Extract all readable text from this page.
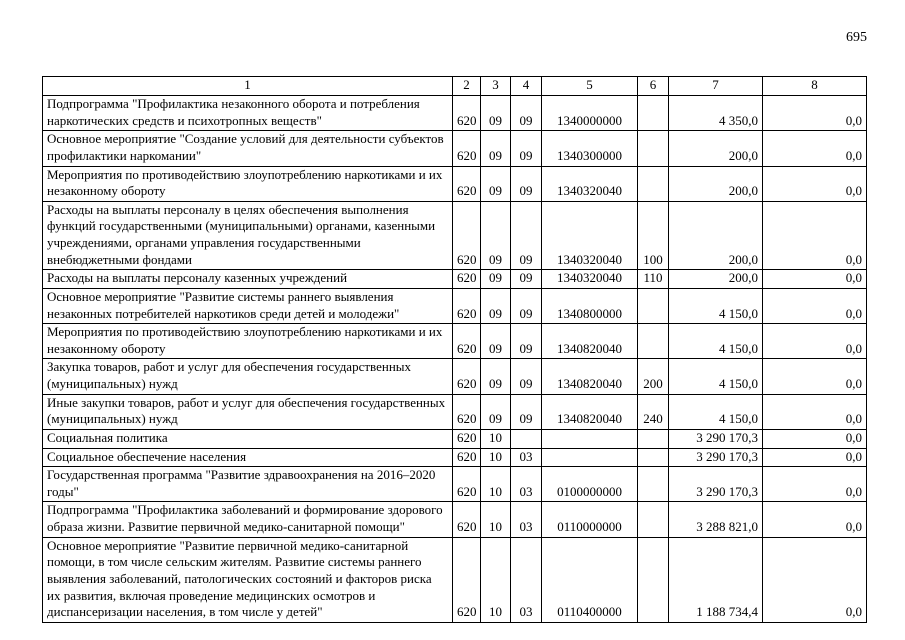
695
1	2	3	4	5	6	7	8
Подпрограмма "Профилактика незаконного оборота и потребления наркотических средств и психотропных веществ"	620	09	09	1340000000		4 350,0	0,0
Основное мероприятие "Создание условий для деятельности субъектов профилактики наркомании"	620	09	09	1340300000		200,0	0,0
Мероприятия по противодействию злоупотреблению наркотиками и их незаконному обороту	620	09	09	1340320040		200,0	0,0
Расходы на выплаты персоналу в целях обеспечения выполнения функций государственными (муниципальными) органами, казенными учреждениями, органами управления государственными внебюджетными фондами	620	09	09	1340320040	100	200,0	0,0
Расходы на выплаты персоналу казенных учреждений	620	09	09	1340320040	110	200,0	0,0
Основное мероприятие "Развитие системы раннего выявления незаконных потребителей наркотиков среди детей и молодежи"	620	09	09	1340800000		4 150,0	0,0
Мероприятия по противодействию злоупотреблению наркотиками и их незаконному обороту	620	09	09	1340820040		4 150,0	0,0
Закупка товаров, работ и услуг для обеспечения государственных (муниципальных) нужд	620	09	09	1340820040	200	4 150,0	0,0
Иные закупки товаров, работ и услуг для обеспечения государственных (муниципальных) нужд	620	09	09	1340820040	240	4 150,0	0,0
Социальная политика	620	10				3 290 170,3	0,0
Социальное обеспечение населения	620	10	03			3 290 170,3	0,0
Государственная программа "Развитие здравоохранения на 2016–2020 годы"	620	10	03	0100000000		3 290 170,3	0,0
Подпрограмма "Профилактика заболеваний и формирование здорового образа жизни. Развитие первичной медико-санитарной помощи"	620	10	03	0110000000		3 288 821,0	0,0
Основное мероприятие "Развитие первичной медико-санитарной помощи, в том числе сельским жителям. Развитие системы раннего выявления заболеваний, патологических состояний и факторов риска их развития, включая проведение медицинских осмотров и диспансеризации населения, в том числе у детей"	620	10	03	0110400000		1 188 734,4	0,0
